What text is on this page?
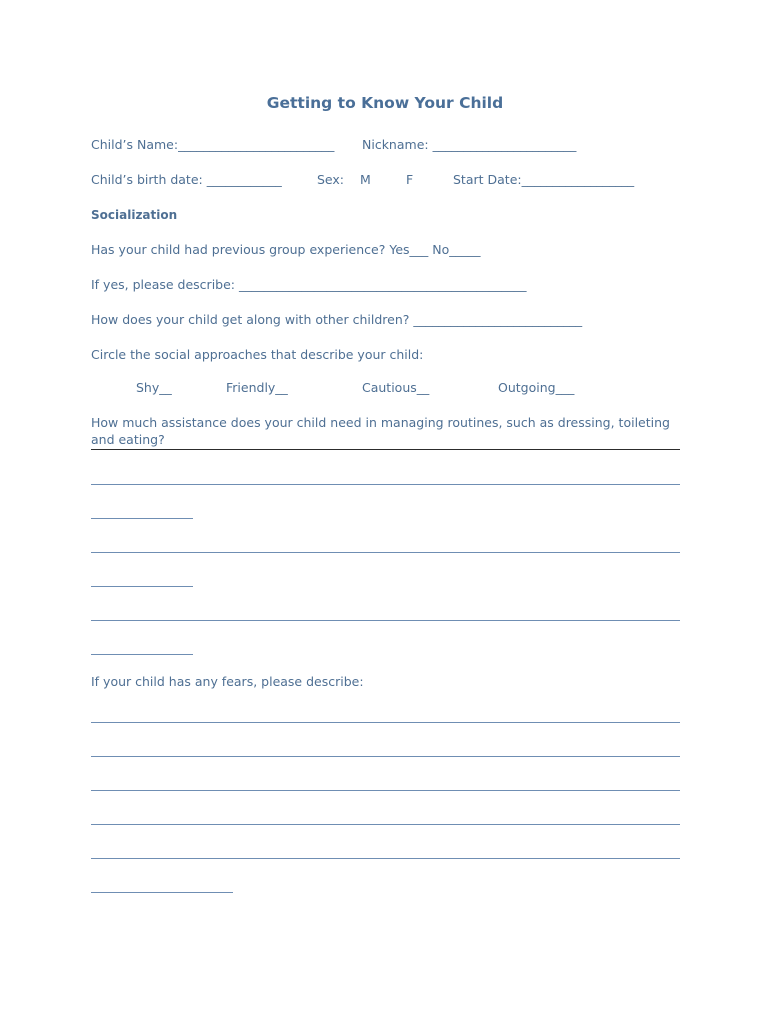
Getting to Know Your Child
Child’s Name:_________________________ Nickname: _______________________
Child’s birth date: ____________	Sex: M	F	Start Date:__________________
Socialization
Has your child had previous group experience? Yes___ No_____
If yes, please describe: ______________________________________________
How does your child get along with other children? ___________________________
Circle the social approaches that describe your child:
Shy__	Friendly__	Cautious__	Outgoing___
How much assistance does your child need in managing routines, such as dressing, toileting and eating?
If your child has any fears, please describe:
